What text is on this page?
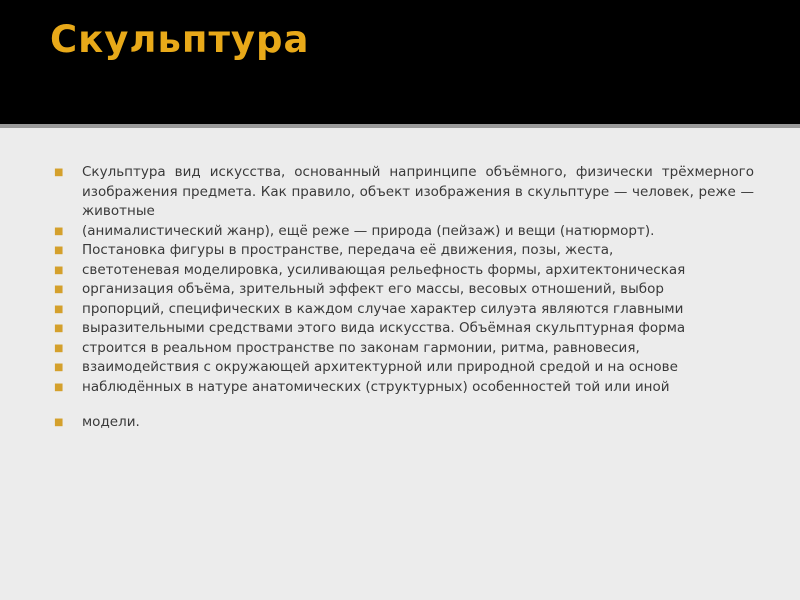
Скульптура
■ Скульптура вид искусства, основанный напринципе объёмного, физически трёхмерного изображения предмета. Как правило, объект изображения в скульптуре — человек, реже — животные
■ (анималистический жанр), ещё реже — природа (пейзаж) и вещи (натюрморт).
■ Постановка фигуры в пространстве, передача её движения, позы, жеста,
■ светотеневая моделировка, усиливающая рельефность формы, архитектоническая
■ организация объёма, зрительный эффект его массы, весовых отношений, выбор
■ пропорций, специфических в каждом случае характер силуэта являются главными
■ выразительными средствами этого вида искусства. Объёмная скульптурная форма
■ строится в реальном пространстве по законам гармонии, ритма, равновесия,
■ взаимодействия с окружающей архитектурной или природной средой и на основе
■ наблюдённых в натуре анатомических (структурных) особенностей той или иной
■ модели.
